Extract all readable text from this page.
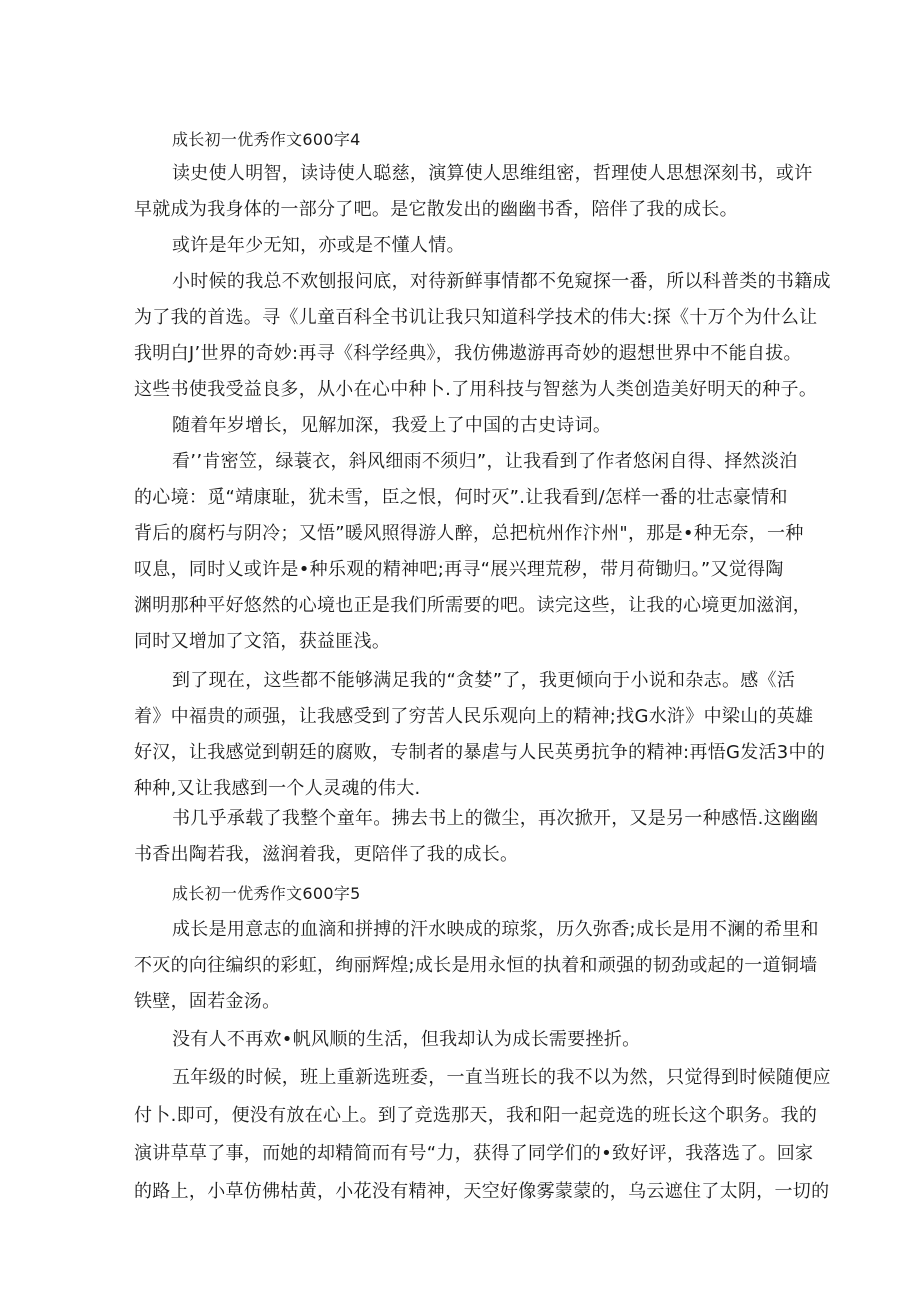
成长初一优秀作文600字4
读史使人明智，读诗使人聪慈，演算使人思维组密，哲理使人思想深刻书，或许
早就成为我身体的一部分了吧。是它散发出的幽幽书香，陪伴了我的成长。
或许是年少无知，亦或是不懂人情。
小时候的我总不欢刨报问底，对待新鲜事情都不免窥探一番，所以科普类的书籍成
为了我的首选。寻《儿童百科全书讥让我只知道科学技术的伟大:探《十万个为什么让
我明白J’世界的奇妙:再寻《科学经典》，我仿佛遨游再奇妙的遐想世界中不能自拔。
这些书使我受益良多，从小在心中种卜.了用科技与智慈为人类创造美好明天的种子。
随着年岁增长，见解加深，我爱上了中国的古史诗词。
看’’肯密笠，绿蓑衣，斜风细雨不须归”，让我看到了作者悠闲自得、择然淡泊
的心境：觅“靖康耻，犹未雪，臣之恨，何时灭”.让我看到/怎样一番的壮志豪情和
背后的腐朽与阴冷；又悟”暖风照得游人醉，总把杭州作汴州"，那是•种无奈，一种
叹息，同时乂或许是•种乐观的精神吧;再寻“展兴理荒秽，带月荷锄归。”又觉得陶
渊明那种平好悠然的心境也正是我们所需要的吧。读完这些，让我的心境更加滋润，
同时又增加了文箔，获益匪浅。
到了现在，这些都不能够满足我的“贪婪”了，我更倾向于小说和杂志。感《活
着》中福贵的顽强，让我感受到了穷苦人民乐观向上的精神;找G水浒》中梁山的英雄
好汉，让我感觉到朝廷的腐败，专制者的暴虐与人民英勇抗争的精神:再悟G发活3中的
种种,又让我感到一个人灵魂的伟大.
书几乎承载了我整个童年。拂去书上的微尘，再次掀开，又是另一种感悟.这幽幽
书香出陶若我，滋润着我，更陪伴了我的成长。
成长初一优秀作文600字5
成长是用意志的血滴和拼搏的汗水映成的琼浆，历久弥香;成长是用不澜的希里和
不灭的向往编织的彩虹，绚丽辉煌;成长是用永恒的执着和顽强的韧劲或起的一道铜墙
铁壁，固若金汤。
没有人不再欢•帆风顺的生活，但我却认为成长需要挫折。
五年级的时候，班上重新选班委，一直当班长的我不以为然，只觉得到时候随便应
付卜.即可，便没有放在心上。到了竞选那天，我和阳一起竞选的班长这个职务。我的
演讲草草了事，而她的却精简而有号“力，获得了同学们的•致好评，我落选了。回家
的路上，小草仿佛枯黄，小花没有精神，天空好像雾蒙蒙的，乌云遮住了太阴，一切的
